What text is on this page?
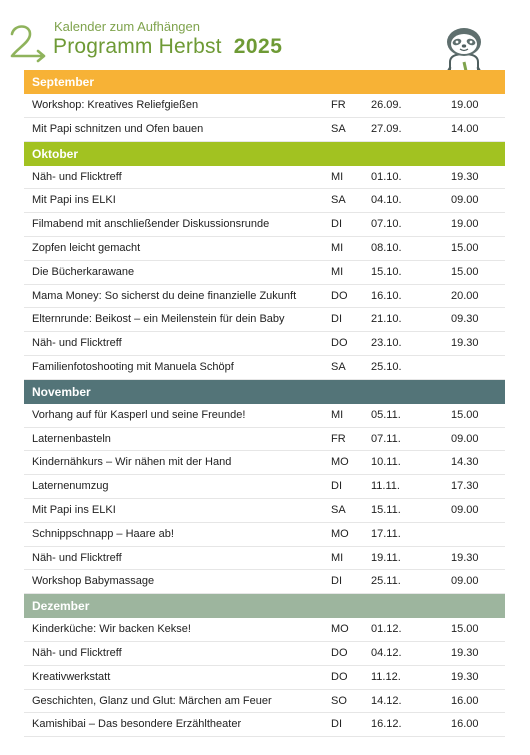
Kalender zum Aufhängen
Programm Herbst 2025
September
Workshop: Kreatives Reliefgießen	FR 26.09.	19.00
Mit Papi schnitzen und Ofen bauen	SA 27.09.	14.00
Oktober
Näh- und Flicktreff	MI	01.10.	19.30
Mit Papi ins ELKI	SA 04.10.	09.00
Filmabend mit anschließender Diskussionsrunde	DI	07.10.	19.00
Zopfen leicht gemacht	MI	08.10.	15.00
Die Bücherkarawane	MI	15.10.	15.00
Mama Money: So sicherst du deine finanzielle Zukunft	DO 16.10.	20.00
Elternrunde: Beikost – ein Meilenstein für dein Baby	DI	21.10.	09.30
Näh- und Flicktreff	DO 23.10.	19.30
Familienfotoshooting mit Manuela Schöpf	SA 25.10.
November
Vorhang auf für Kasperl und seine Freunde!	MI	05.11.	15.00
Laternenbasteln	FR 07.11.	09.00
Kindernähkurs – Wir nähen mit der Hand	MO 10.11.	14.30
Laternenumzug	DI	11.11.	17.30
Mit Papi ins ELKI	SA 15.11.	09.00
Schnippschnapp – Haare ab!	MO 17.11.
Näh- und Flicktreff	MI	19.11.	19.30
Workshop Babymassage	DI	25.11.	09.00
Dezember
Kinderküche: Wir backen Kekse!	MO 01.12.	15.00
Näh- und Flicktreff	DO 04.12.	19.30
Kreativwerkstatt	DO 11.12.	19.30
Geschichten, Glanz und Glut: Märchen am Feuer	SO 14.12.	16.00
Kamishibai – Das besondere Erzähltheater	DI	16.12.	16.00
